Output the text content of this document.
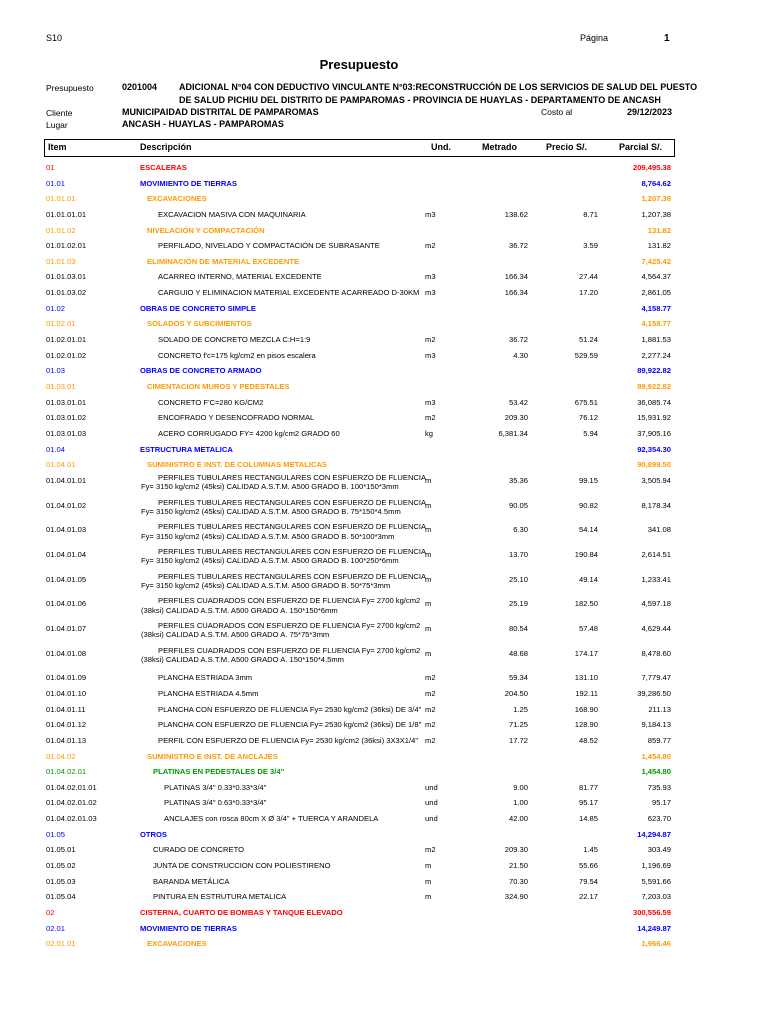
S10	Página	1
Presupuesto
Presupuesto	0201004 ADICIONAL N°04 CON DEDUCTIVO VINCULANTE N°03:RECONSTRUCCIÓN DE LOS SERVICIOS DE SALUD DEL PUESTO
DE SALUD PICHIU DEL DISTRITO DE PAMPAROMAS - PROVINCIA DE HUAYLAS - DEPARTAMENTO DE ANCASH
Cliente	MUNICIPAIDAD DISTRITAL DE PAMPAROMAS	Costo al	29/12/2023
Lugar	ANCASH - HUAYLAS - PAMPAROMAS
Item	Descripción	Und.	Metrado	Precio S/.	Parcial S/.
01	ESCALERAS	209,495.38
01.01	MOVIMIENTO DE TIERRAS	8,764.62
01.01.01	EXCAVACIONES	1,207.38
01.01.01.01	EXCAVACION MASIVA CON MAQUINARIA	m3	138.62	8.71	1,207.38
01.01.02	NIVELACIÓN Y COMPACTACIÓN	131.82
01.01.02.01	PERFILADO, NIVELADO Y COMPACTACIÓN DE SUBRASANTE	m2	36.72	3.59	131.82
01.01.03	ELIMINACIÓN DE MATERIAL EXCEDENTE	7,425.42
01.01.03.01	ACARREO INTERNO, MATERIAL EXCEDENTE	m3	166.34	27.44	4,564.37
01.01.03.02	CARGUIO Y ELIMINACION MATERIAL EXCEDENTE ACARREADO D-30KM m3	166.34	17.20	2,861.05
01.02	OBRAS DE CONCRETO SIMPLE	4,158.77
01.02.01	SOLADOS Y SUBCIMIENTOS	4,158.77
01.02.01.01	SOLADO DE CONCRETO MEZCLA C:H=1:9	m2	36.72	51.24	1,881.53
01.02.01.02	CONCRETO f'c=175 kg/cm2 en pisos escalera	m3	4.30	529.59	2,277.24
01.03	OBRAS DE CONCRETO ARMADO	89,922.82
01.03.01	CIMENTACION MUROS Y PEDESTALES	89,922.82
01.03.01.01	CONCRETO F'C=280 KG/CM2	m3	53.42	675.51	36,085.74
01.03.01.02	ENCOFRADO Y DESENCOFRADO NORMAL	m2	209.30	76.12	15,931.92
01.03.01.03	ACERO CORRUGADO FY= 4200 kg/cm2 GRADO 60	kg	6,381.34	5.94	37,905.16
01.04	ESTRUCTURA METALICA	92,354.30
01.04.01	SUMINISTRO E INST. DE COLUMNAS METALICAS	90,899.50
01.04.01.01	PERFILES TUBULARES RECTANGULARES CON ESFUERZO DE FLUENCIA
Fy= 3150 kg/cm2 (45ksi) CALIDAD A.S.T.M. A500 GRADO B. 100*150*3mm
m	35.36	99.15	3,505.94
01.04.01.02	PERFILES TUBULARES RECTANGULARES CON ESFUERZO DE FLUENCIA
Fy= 3150 kg/cm2 (45ksi) CALIDAD A.S.T.M. A500 GRADO B. 75*150*4.5mm
m	90.05	90.82	8,178.34
01.04.01.03	PERFILES TUBULARES RECTANGULARES CON ESFUERZO DE FLUENCIA
Fy= 3150 kg/cm2 (45ksi) CALIDAD A.S.T.M. A500 GRADO B. 50*100*3mm
m	6.30	54.14	341.08
01.04.01.04	PERFILES TUBULARES RECTANGULARES CON ESFUERZO DE FLUENCIA
Fy= 3150 kg/cm2 (45ksi) CALIDAD A.S.T.M. A500 GRADO B. 100*250*6mm
m	13.70	190.84	2,614.51
01.04.01.05	PERFILES TUBULARES RECTANGULARES CON ESFUERZO DE FLUENCIA
Fy= 3150 kg/cm2 (45ksi) CALIDAD A.S.T.M. A500 GRADO B. 50*75*3mm
m	25.10	49.14	1,233.41
01.04.01.06	PERFILES CUADRADOS CON ESFUERZO DE FLUENCIA Fy= 2700 kg/cm2
(38ksi) CALIDAD A.S.T.M. A500 GRADO A. 150*150*6mm
m	25.19	182.50	4,597.18
01.04.01.07	PERFILES CUADRADOS CON ESFUERZO DE FLUENCIA Fy= 2700 kg/cm2
(38ksi) CALIDAD A.S.T.M. A500 GRADO A. 75*75*3mm
m	80.54	57.48	4,629.44
01.04.01.08	PERFILES CUADRADOS CON ESFUERZO DE FLUENCIA Fy= 2700 kg/cm2
(38ksi) CALIDAD A.S.T.M. A500 GRADO A. 150*150*4.5mm
m	48.68	174.17	8,478.60
01.04.01.09	PLANCHA ESTRIADA 3mm	m2	59.34	131.10	7,779.47
01.04.01.10	PLANCHA ESTRIADA 4.5mm	m2	204.50	192.11	39,286.50
01.04.01.11	PLANCHA CON ESFUERZO DE FLUENCIA Fy= 2530 kg/cm2 (36ksi) DE 3/4" m2	1.25	168.90	211.13
01.04.01.12	PLANCHA CON ESFUERZO DE FLUENCIA Fy= 2530 kg/cm2 (36ksi) DE 1/8" m2	71.25	128.90	9,184.13
01.04.01.13	PERFIL CON ESFUERZO DE FLUENCIA Fy= 2530 kg/cm2 (36ksi) 3X3X1/4" m2	17.72	48.52	859.77
01.04.02	SUMINISTRO E INST. DE ANCLAJES	1,454.80
01.04.02.01	PLATINAS EN PEDESTALES DE 3/4"	1,454.80
01.04.02.01.01	PLATINAS 3/4" 0.33*0.33*3/4"	und	9.00	81.77	735.93
01.04.02.01.02	PLATINAS 3/4" 0.63*0.33*3/4"	und	1.00	95.17	95.17
01.04.02.01.03	ANCLAJES con rosca 80cm X Ø 3/4" + TUERCA Y ARANDELA	und	42.00	14.85	623.70
01.05	OTROS	14,294.87
01.05.01	CURADO DE CONCRETO	m2	209.30	1.45	303.49
01.05.02	JUNTA DE CONSTRUCCION CON POLIESTIRENO	m	21.50	55.66	1,196.69
01.05.03	BARANDA METÁLICA	m	70.30	79.54	5,591.66
01.05.04	PINTURA EN ESTRUTURA METALICA	m	324.90	22.17	7,203.03
02	CISTERNA, CUARTO DE BOMBAS Y TANQUE ELEVADO	300,556.59
02.01	MOVIMIENTO DE TIERRAS	14,249.87
02.01.01	EXCAVACIONES	1,966.46
